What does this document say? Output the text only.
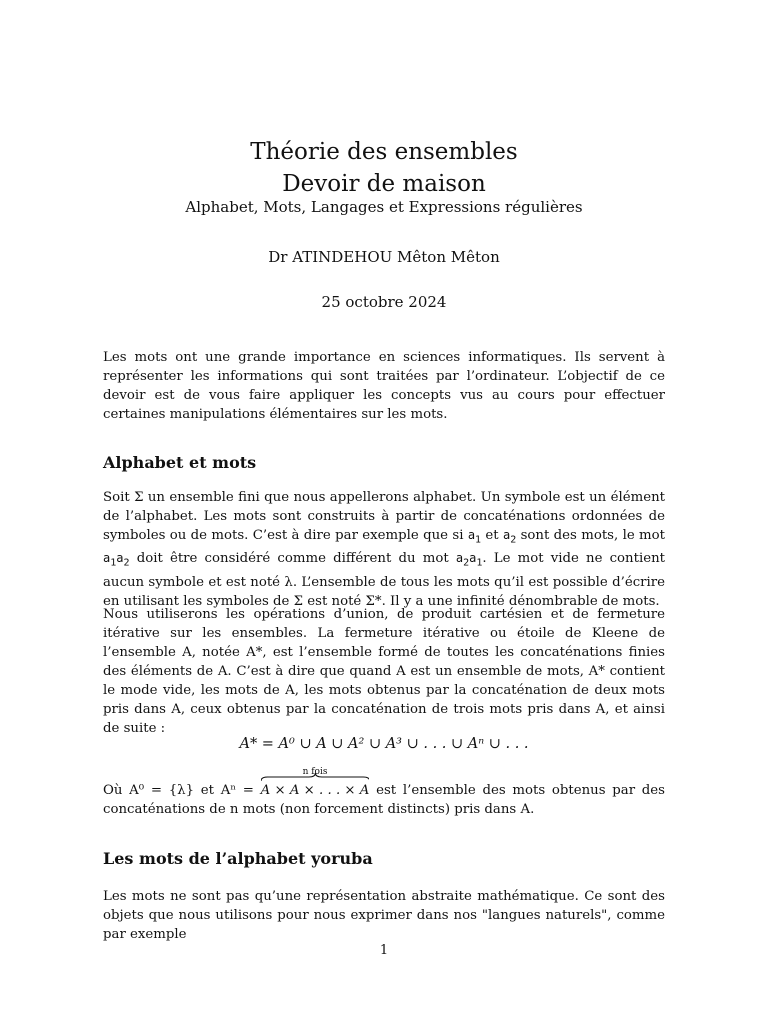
Théorie des ensembles
Devoir de maison
Alphabet, Mots, Langages et Expressions régulières
Dr ATINDEHOU Mêton Mêton
25 octobre 2024
Les mots ont une grande importance en sciences informatiques. Ils servent à représenter les informations qui sont traitées par l’ordinateur. L’objectif de ce devoir est de vous faire appliquer les concepts vus au cours pour effectuer certaines manipulations élémentaires sur les mots.
Alphabet et mots
Soit Σ un ensemble fini que nous appellerons alphabet. Un symbole est un élément de l’alphabet. Les mots sont construits à partir de concaténations ordonnées de symboles ou de mots. C’est à dire par exemple que si $a_1$ et $a_2$ sont des mots, le mot $a_1a_2$ doit être considéré comme différent du mot $a_2a_1$. Le mot vide ne contient aucun symbole et est noté λ. L’ensemble de tous les mots qu’il est possible d’écrire en utilisant les symboles de Σ est noté Σ*. Il y a une infinité dénombrable de mots.
Nous utiliserons les opérations d’union, de produit cartésien et de fermeture itérative sur les ensembles. La fermeture itérative ou étoile de Kleene de l’ensemble A, notée A*, est l’ensemble formé de toutes les concaténations finies des éléments de A. C’est à dire que quand A est un ensemble de mots, A* contient le mode vide, les mots de A, les mots obtenus par la concaténation de deux mots pris dans A, ceux obtenus par la concaténation de trois mots pris dans A, et ainsi de suite :
A* = A⁰ ∪ A ∪ A² ∪ A³ ∪ . . . ∪ Aⁿ ∪ . . .
Où A⁰ = {λ} et Aⁿ =
n fois
A × A × . . . × A est l’ensemble des mots obtenus par des concaténations de n mots (non forcement distincts) pris dans A.
Les mots de l’alphabet yoruba
Les mots ne sont pas qu’une représentation abstraite mathématique. Ce sont des objets que nous utilisons pour nous exprimer dans nos "langues naturels", comme par exemple
1
